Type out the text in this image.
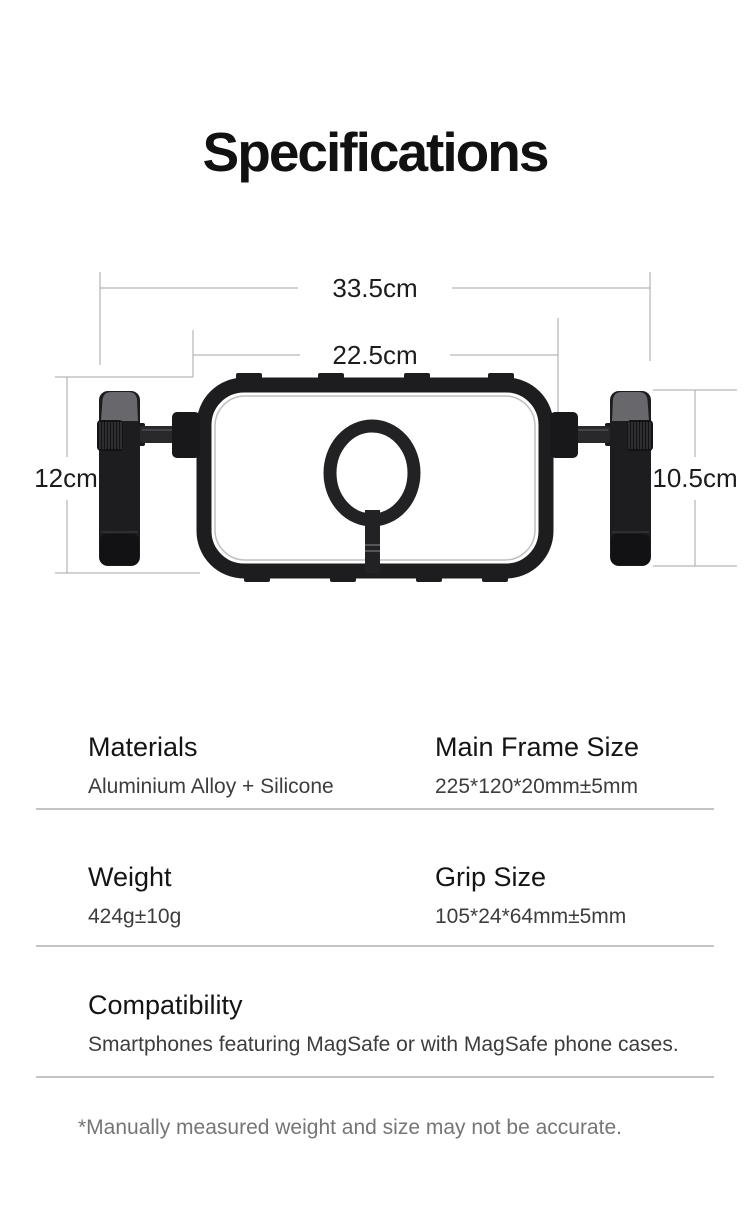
Specifications
33.5cm
22.5cm
12cm	10.5cm
Materials
Aluminium Alloy + Silicone
Main Frame Size
225*120*20mm±5mm
Weight
424g±10g
Grip Size
105*24*64mm±5mm
Compatibility
Smartphones featuring MagSafe or with MagSafe phone cases.

*Manually measured weight and size may not be accurate.
